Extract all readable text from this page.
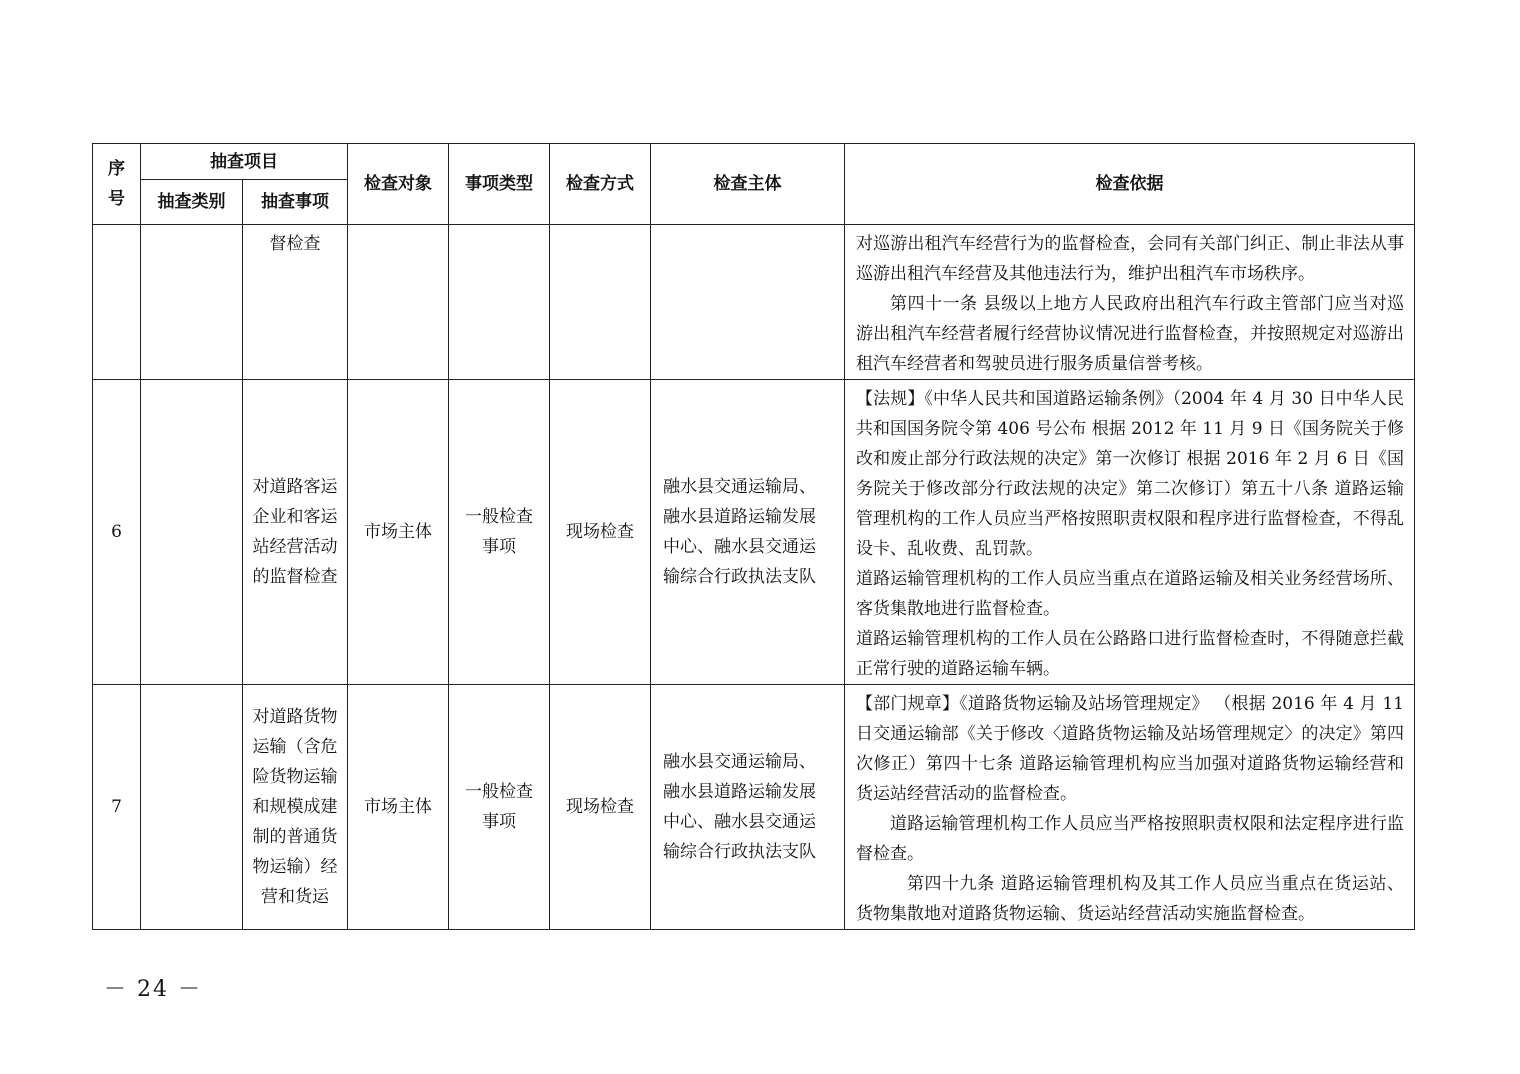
序
号	抽查项目		检查对象	事项类型	检查方式	检查主体	检查依据
	抽查类别	抽查事项					
		督检查					对巡游出租汽车经营行为的监督检查，会同有关部门纠正、制止非法从事巡游出租汽车经营及其他违法行为，维护出租汽车市场秩序。

第四十一条 县级以上地方人民政府出租汽车行政主管部门应当对巡游出租汽车经营者履行经营协议情况进行监督检查，并按照规定对巡游出租汽车经营者和驾驶员进行服务质量信誉考核。

6		对道路客运企业和客运站经营活动的监督检查	市场主体	一般检查事项	现场检查	融水县交通运输局、融水县道路运输发展中心、融水县交通运输综合行政执法支队	【法规】《中华人民共和国道路运输条例》（2004 年 4 月 30 日中华人民共和国国务院令第 406 号公布 根据 2012 年 11 月 9 日《国务院关于修改和废止部分行政法规的决定》第一次修订 根据 2016 年 2 月 6 日《国务院关于修改部分行政法规的决定》第二次修订）第五十八条 道路运输管理机构的工作人员应当严格按照职责权限和程序进行监督检查，不得乱设卡、乱收费、乱罚款。

道路运输管理机构的工作人员应当重点在道路运输及相关业务经营场所、客货集散地进行监督检查。

道路运输管理机构的工作人员在公路路口进行监督检查时，不得随意拦截正常行驶的道路运输车辆。

7		对道路货物运输（含危险货物运输和规模成建制的普通货物运输）经营和货运	市场主体	一般检查事项	现场检查	融水县交通运输局、融水县道路运输发展中心、融水县交通运输综合行政执法支队	【部门规章】《道路货物运输及站场管理规定》 （根据 2016 年 4 月 11 日交通运输部《关于修改〈道路货物运输及站场管理规定〉的决定》第四次修正）第四十七条 道路运输管理机构应当加强对道路货物运输经营和货运站经营活动的监督检查。

道路运输管理机构工作人员应当严格按照职责权限和法定程序进行监督检查。

第四十九条 道路运输管理机构及其工作人员应当重点在货运站、货物集散地对道路货物运输、货运站经营活动实施监督检查。

－ 24 －
